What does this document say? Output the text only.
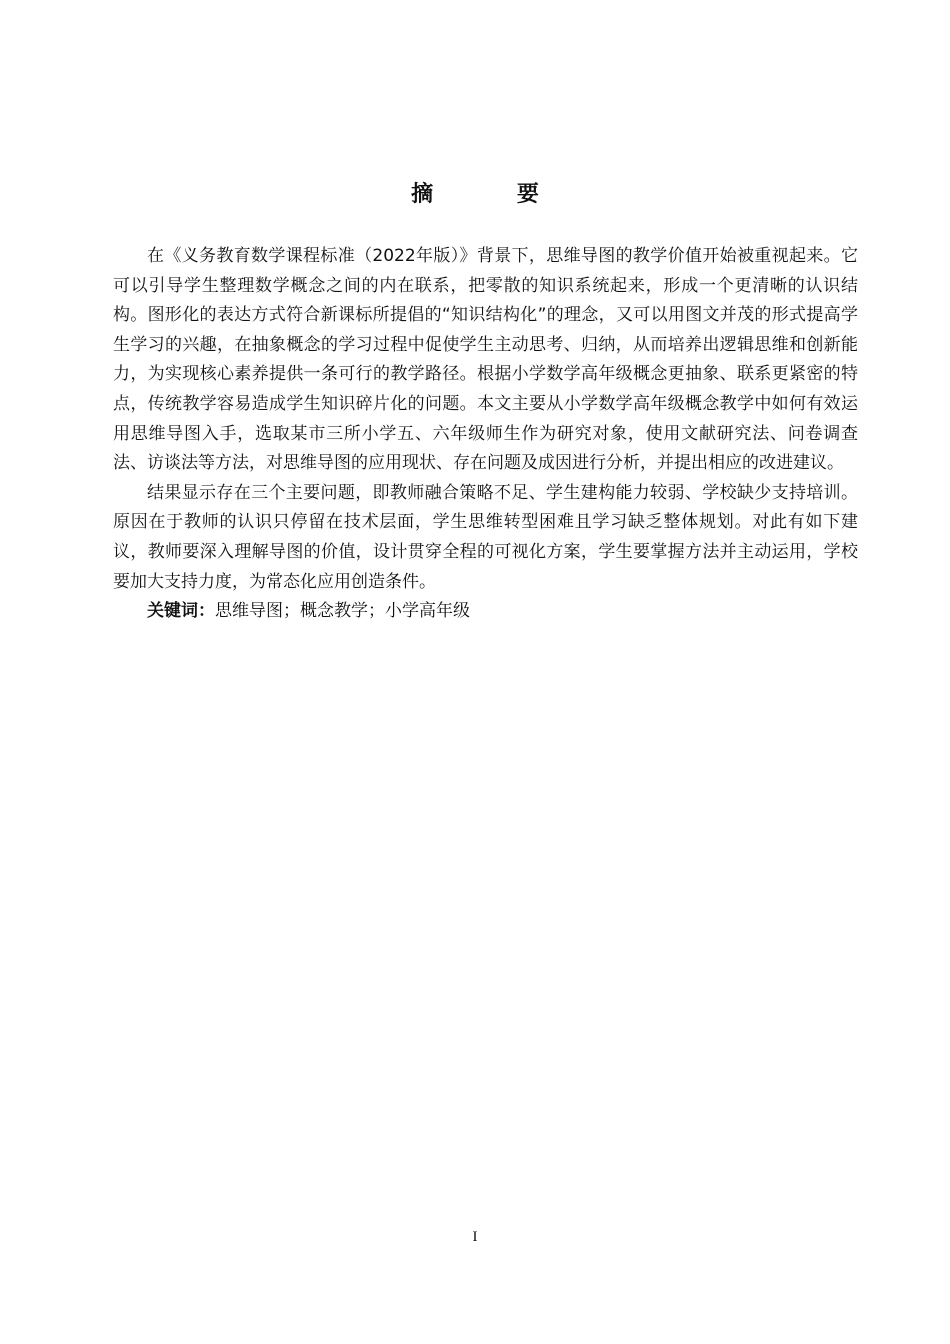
摘 要

在《义务教育数学课程标准（2022年版）》背景下，思维导图的教学价值开始被重视起来。它可以引导学生整理数学概念之间的内在联系，把零散的知识系统起来，形成一个更清晰的认识结构。图形化的表达方式符合新课标所提倡的“知识结构化”的理念，又可以用图文并茂的形式提高学生学习的兴趣，在抽象概念的学习过程中促使学生主动思考、归纳，从而培养出逻辑思维和创新能力，为实现核心素养提供一条可行的教学路径。根据小学数学高年级概念更抽象、联系更紧密的特点，传统教学容易造成学生知识碎片化的问题。本文主要从小学数学高年级概念教学中如何有效运用思维导图入手，选取某市三所小学五、六年级师生作为研究对象，使用文献研究法、问卷调查法、访谈法等方法，对思维导图的应用现状、存在问题及成因进行分析，并提出相应的改进建议。

结果显示存在三个主要问题，即教师融合策略不足、学生建构能力较弱、学校缺少支持培训。原因在于教师的认识只停留在技术层面，学生思维转型困难且学习缺乏整体规划。对此有如下建议，教师要深入理解导图的价值，设计贯穿全程的可视化方案，学生要掌握方法并主动运用，学校要加大支持力度，为常态化应用创造条件。

关键词：思维导图；概念教学；小学高年级

I
